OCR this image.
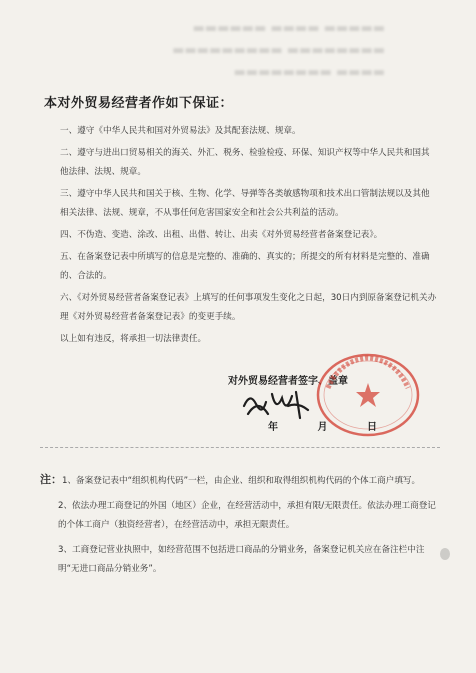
▬▬▬▬▬ ▬▬▬▬ ▬▬▬▬▬▬
▬▬▬▬▬▬▬▬ ▬▬▬▬▬▬▬▬▬
▬▬▬▬ ▬▬▬▬▬▬▬▬
本对外贸易经营者作如下保证：

一、遵守《中华人民共和国对外贸易法》及其配套法规、规章。

二、遵守与进出口贸易相关的海关、外汇、税务、检验检疫、环保、知识产权等中华人民共和国其他法律、法规、规章。

三、遵守中华人民共和国关于核、生物、化学、导弹等各类敏感物项和技术出口管制法规以及其他相关法律、法规、规章，不从事任何危害国家安全和社会公共利益的活动。

四、不伪造、变造、涂改、出租、出借、转让、出卖《对外贸易经营者备案登记表》。

五、在备案登记表中所填写的信息是完整的、准确的、真实的；所提交的所有材料是完整的、准确的、合法的。

六、《对外贸易经营者备案登记表》上填写的任何事项发生变化之日起，30日内到原备案登记机关办理《对外贸易经营者备案登记表》的变更手续。

以上如有违反，将承担一切法律责任。

对外贸易经营者签字、盖章
年 月 日

注：1、备案登记表中“组织机构代码”一栏，由企业、组织和取得组织机构代码的个体工商户填写。

2、依法办理工商登记的外国（地区）企业，在经营活动中，承担有限/无限责任。依法办理工商登记的个体工商户（独资经营者），在经营活动中，承担无限责任。

3、工商登记营业执照中，如经营范围不包括进口商品的分销业务，备案登记机关应在备注栏中注明“无进口商品分销业务”。
